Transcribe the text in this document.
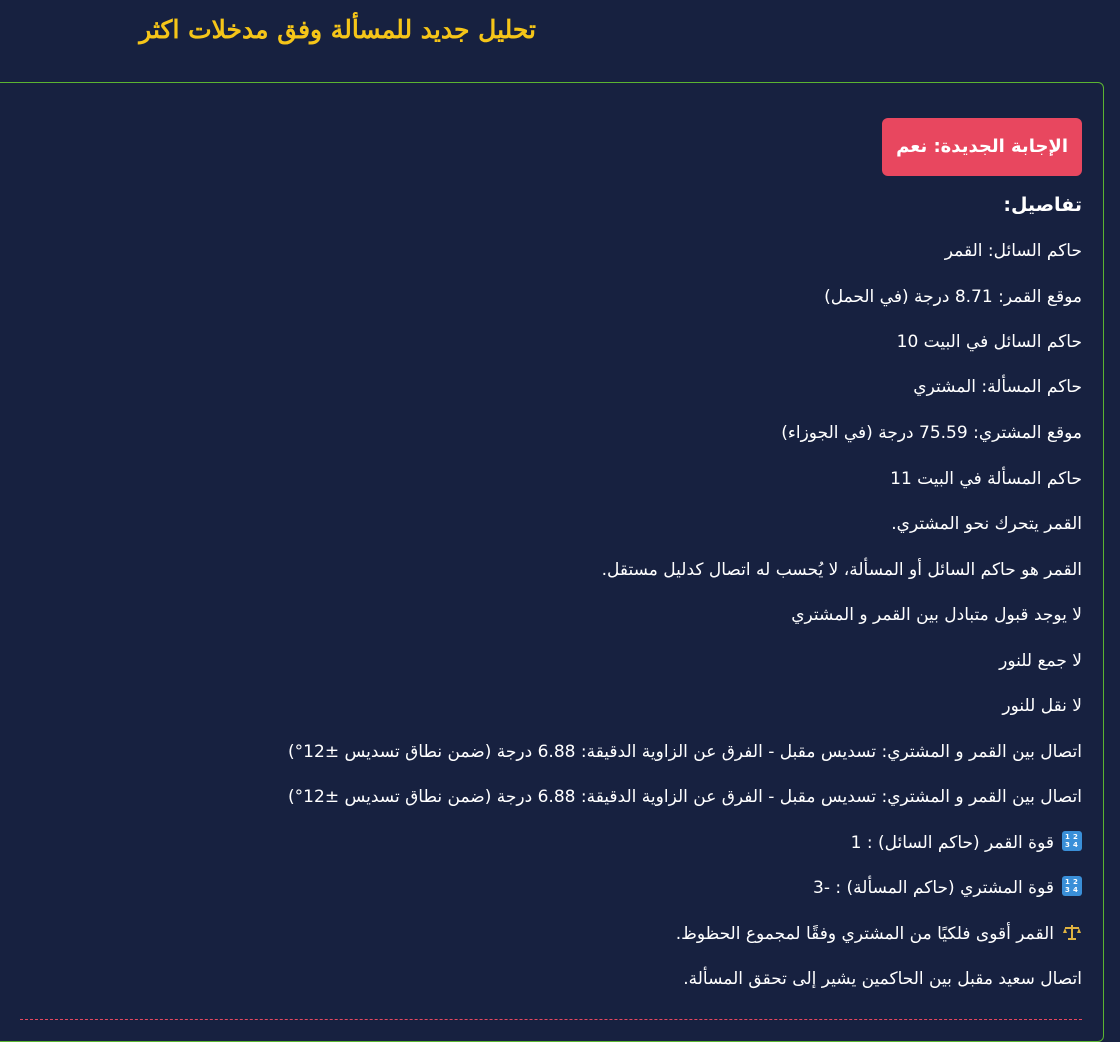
تحليل جديد للمسألة وفق مدخلات اكثر
الإجابة الجديدة: نعم
تفاصيل:
حاكم السائل: القمر
موقع القمر: 8.71 درجة (في الحمل)
حاكم السائل في البيت 10
حاكم المسألة: المشتري
موقع المشتري: 75.59 درجة (في الجوزاء)
حاكم المسألة في البيت 11
القمر يتحرك نحو المشتري.
القمر هو حاكم السائل أو المسألة، لا يُحسب له اتصال كدليل مستقل.
لا يوجد قبول متبادل بين القمر و المشتري
لا جمع للنور
لا نقل للنور
اتصال بين القمر و المشتري: تسديس مقبل - الفرق عن الزاوية الدقيقة: 6.88 درجة (ضمن نطاق تسديس ±12°)
اتصال بين القمر و المشتري: تسديس مقبل - الفرق عن الزاوية الدقيقة: 6.88 درجة (ضمن نطاق تسديس ±12°)
1 2
3 4
قوة القمر (حاكم السائل) : 1
1 2
3 4
قوة المشتري (حاكم المسألة) : -3
القمر أقوى فلكيًا من المشتري وفقًا لمجموع الحظوظ.
اتصال سعيد مقبل بين الحاكمين يشير إلى تحقق المسألة.
